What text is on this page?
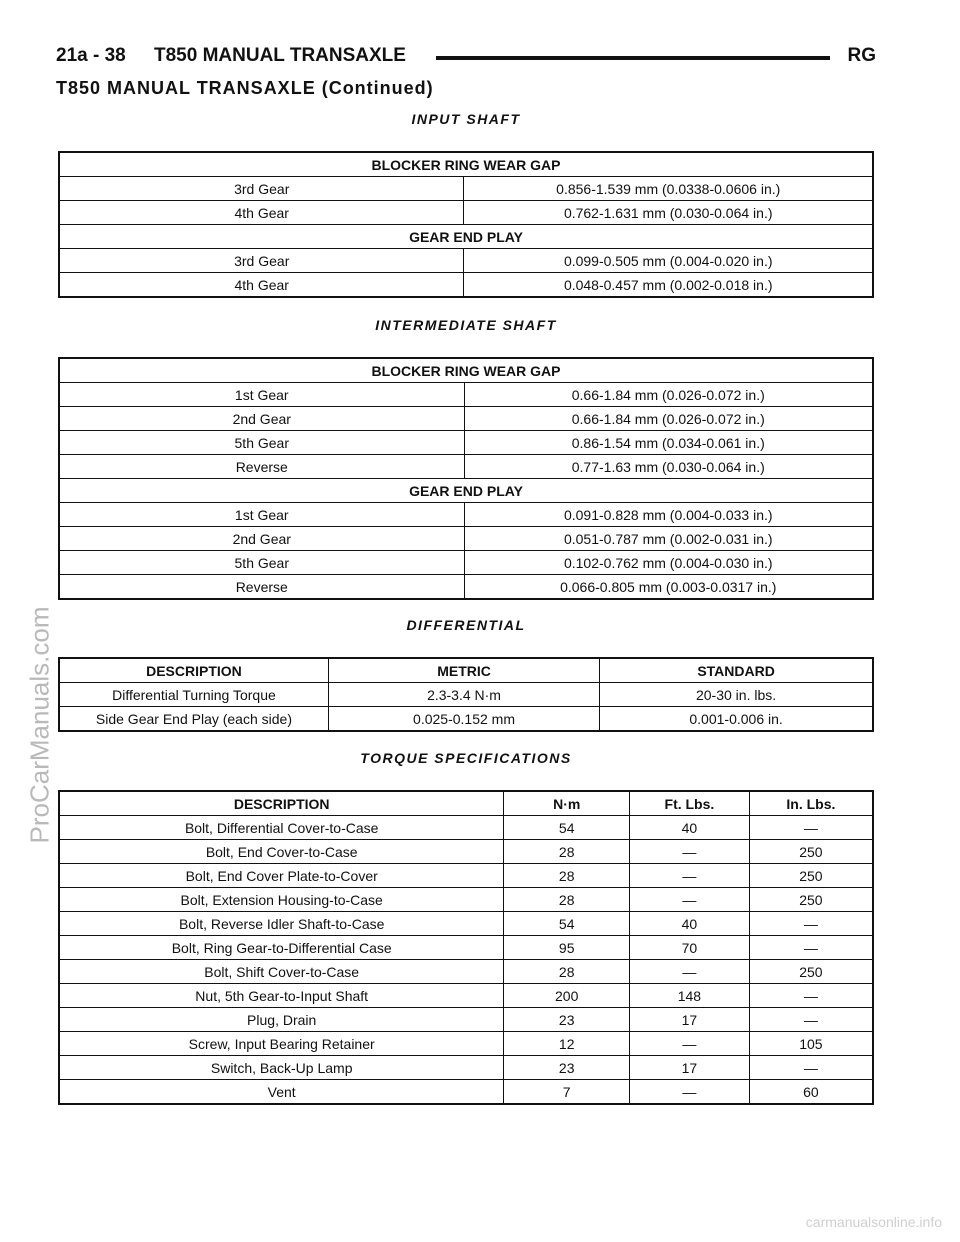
21a - 38 T850 MANUAL TRANSAXLE	RG
T850 MANUAL TRANSAXLE (Continued)
INPUT SHAFT
BLOCKER RING WEAR GAP	
3rd Gear	0.856-1.539 mm (0.0338-0.0606 in.)
4th Gear	0.762-1.631 mm (0.030-0.064 in.)
GEAR END PLAY	
3rd Gear	0.099-0.505 mm (0.004-0.020 in.)
4th Gear	0.048-0.457 mm (0.002-0.018 in.)
INTERMEDIATE SHAFT
BLOCKER RING WEAR GAP	
1st Gear	0.66-1.84 mm (0.026-0.072 in.)
2nd Gear	0.66-1.84 mm (0.026-0.072 in.)
5th Gear	0.86-1.54 mm (0.034-0.061 in.)
Reverse	0.77-1.63 mm (0.030-0.064 in.)
GEAR END PLAY	
1st Gear	0.091-0.828 mm (0.004-0.033 in.)
2nd Gear	0.051-0.787 mm (0.002-0.031 in.)
5th Gear	0.102-0.762 mm (0.004-0.030 in.)
Reverse	0.066-0.805 mm (0.003-0.0317 in.)
DIFFERENTIAL
DESCRIPTION	METRIC	STANDARD
Differential Turning Torque	2.3-3.4 N·m	20-30 in. lbs.
Side Gear End Play (each side)	0.025-0.152 mm	0.001-0.006 in.
TORQUE SPECIFICATIONS
DESCRIPTION	N·m	Ft. Lbs.	In. Lbs.
Bolt, Differential Cover-to-Case	54	40	—
Bolt, End Cover-to-Case	28	—	250
Bolt, End Cover Plate-to-Cover	28	—	250
Bolt, Extension Housing-to-Case	28	—	250
Bolt, Reverse Idler Shaft-to-Case	54	40	—
Bolt, Ring Gear-to-Differential Case	95	70	—
Bolt, Shift Cover-to-Case	28	—	250
Nut, 5th Gear-to-Input Shaft	200	148	—
Plug, Drain	23	17	—
Screw, Input Bearing Retainer	12	—	105
Switch, Back-Up Lamp	23	17	—
Vent	7	—	60
ProCarManuals.com
carmanualsonline.info
